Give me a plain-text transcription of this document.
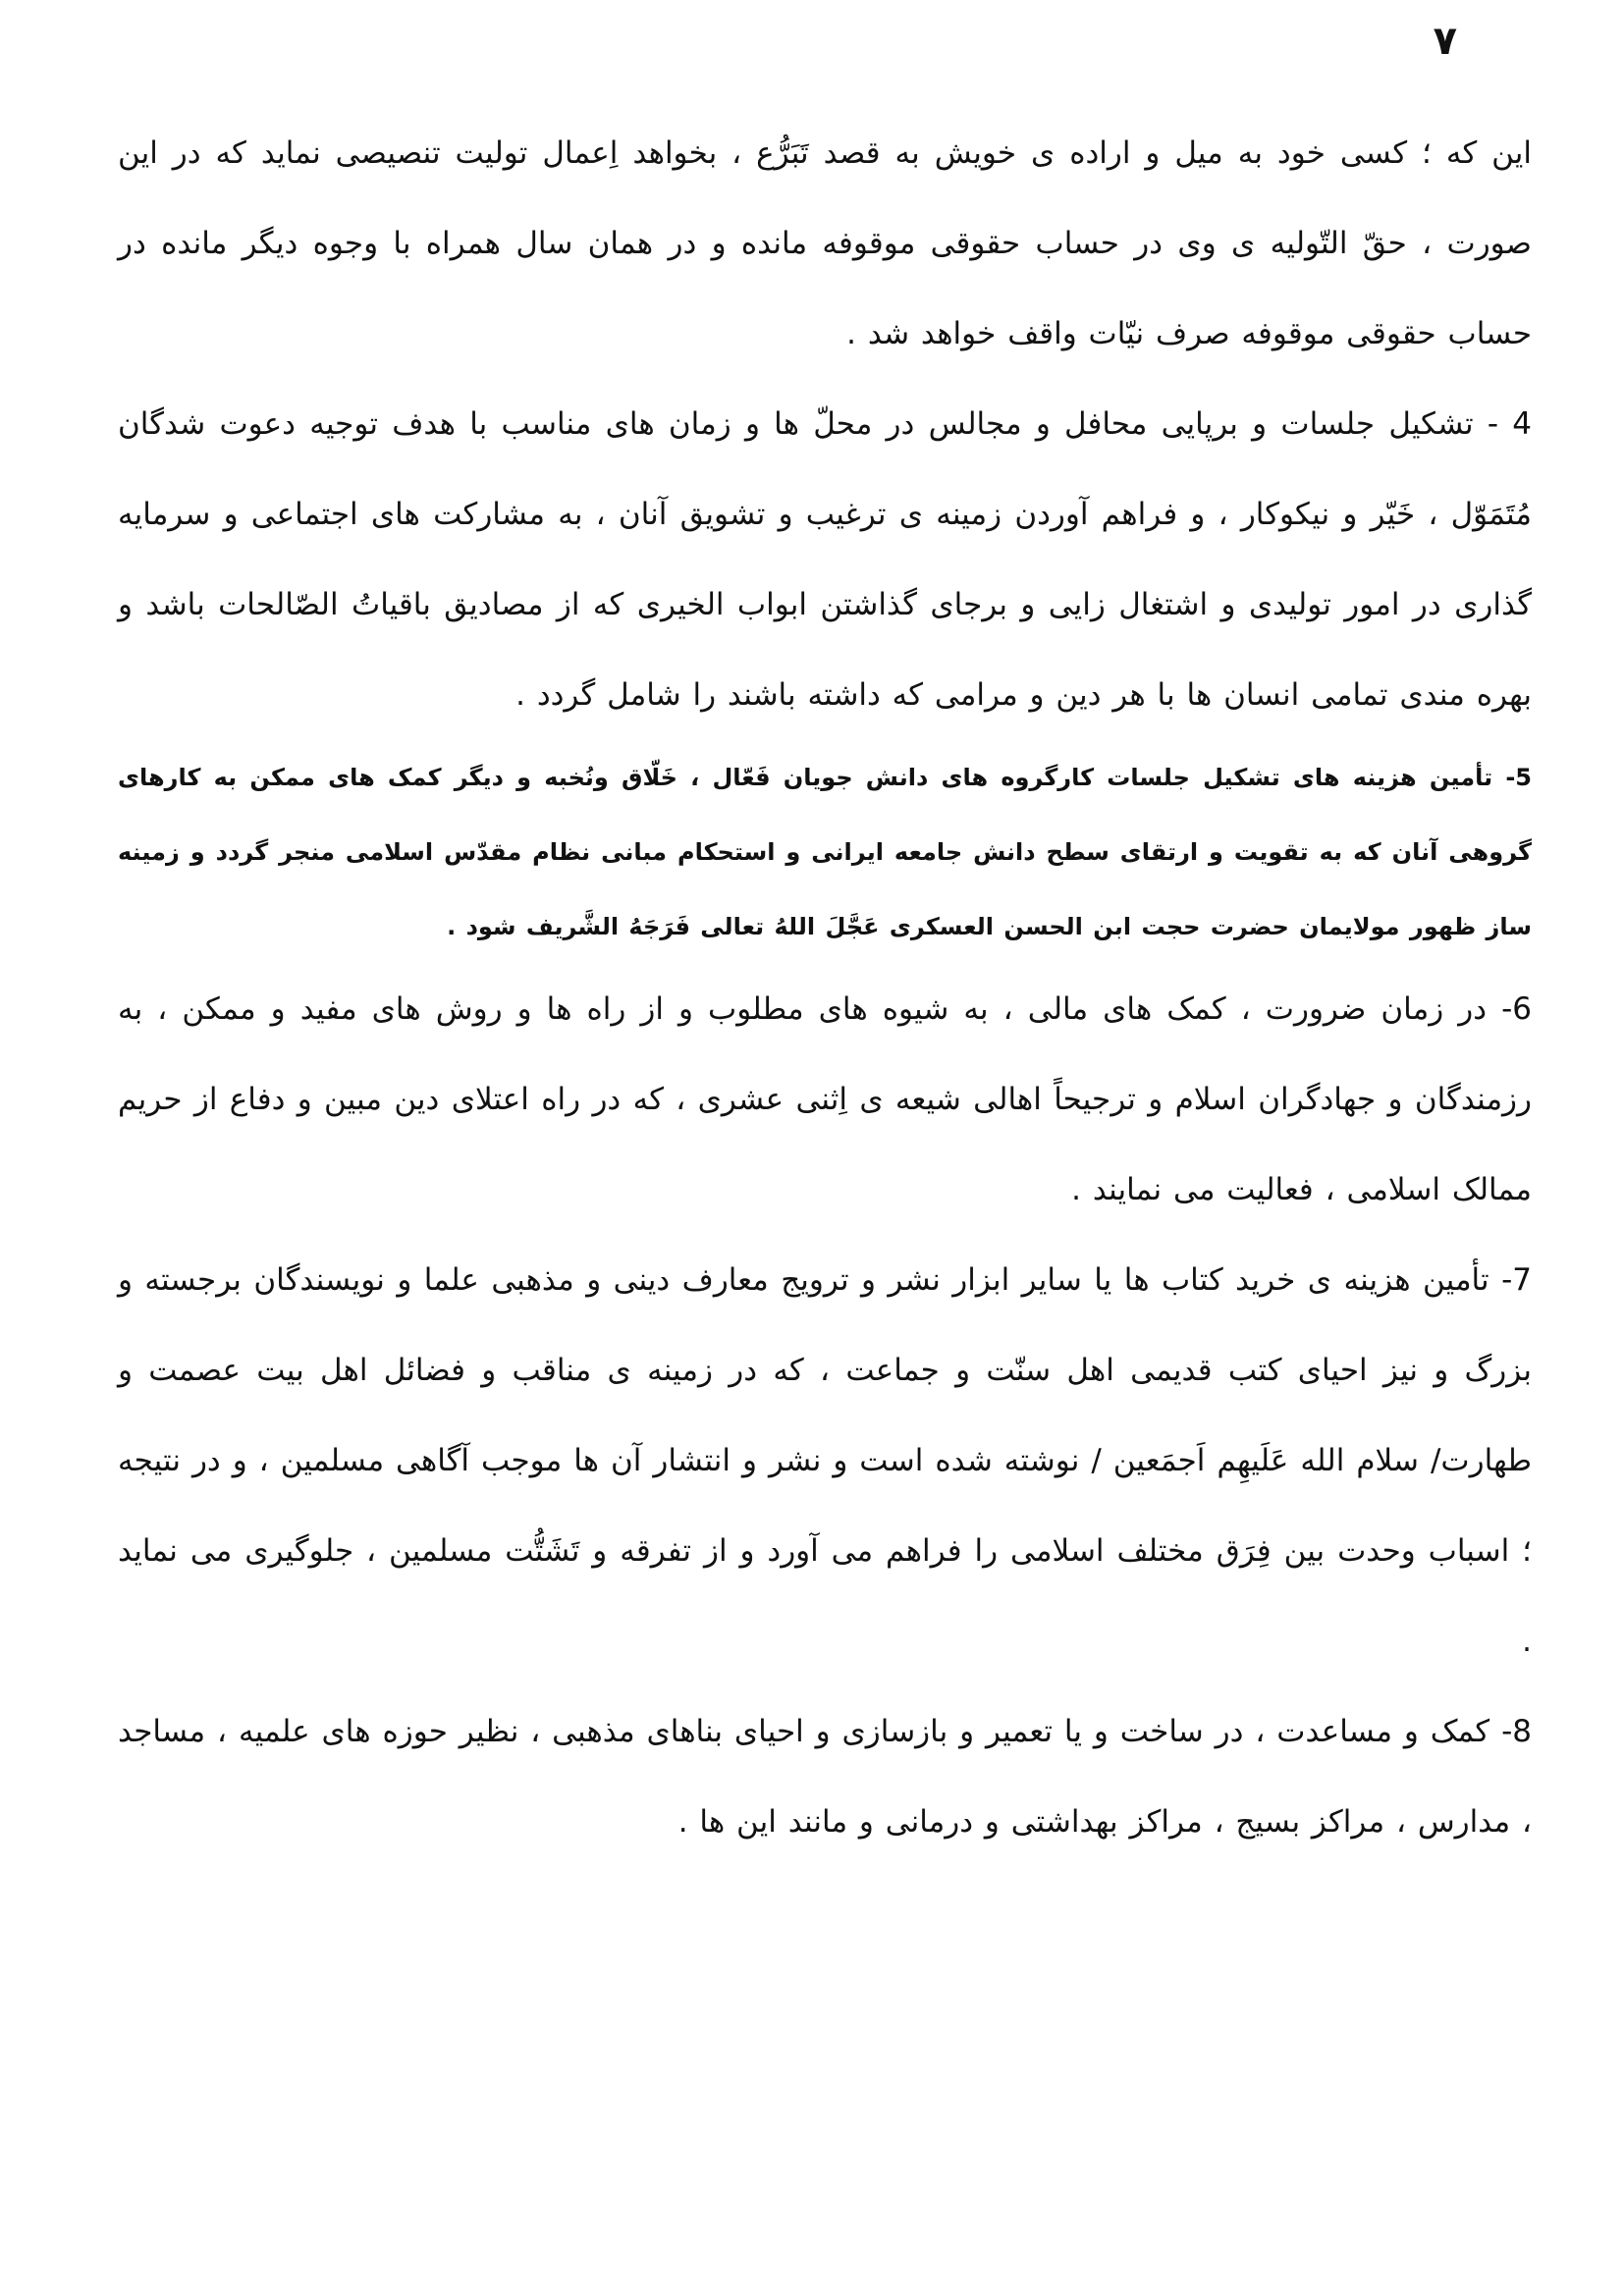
۷

این که ؛ کسی خود به میل و اراده ی خویش به قصد تَبَرُّع ، بخواهد اِعمال تولیت تنصیصی نماید که در این صورت ، حقّ التّولیه ی وی در حساب حقوقی موقوفه مانده و در همان سال همراه با وجوه دیگر مانده در حساب حقوقی موقوفه صرف نیّات واقف خواهد شد .

4 - تشکیل جلسات و برپایی محافل و مجالس در محلّ ها و زمان های مناسب با هدف توجیه دعوت شدگان مُتَمَوّل ، خَیّر و نیکوکار ، و فراهم آوردن زمینه ی ترغیب و تشویق آنان ، به مشارکت های اجتماعی و سرمایه گذاری در امور تولیدی و اشتغال زایی و برجای گذاشتن ابواب الخیری که از مصادیق باقیاتُ الصّالحات باشد و بهره مندی تمامی انسان ها با هر دین و مرامی که داشته باشند را شامل گردد .

5- تأمین هزینه های تشکیل جلسات کارگروه های دانش جویان فَعّال ، خَلّاق ونُخبه و دیگر کمک های ممکن به کارهای گروهی آنان که به تقویت و ارتقای سطح دانش جامعه ایرانی و استحکام مبانی نظام مقدّس اسلامی منجر گردد و زمینه ساز ظهور مولایمان حضرت حجت ابن الحسن العسکری عَجَّلَ اللهُ تعالی فَرَجَهُ الشَّریف شود .

6- در زمان ضرورت ، کمک های مالی ، به شیوه های مطلوب و از راه ها و روش های مفید و ممکن ، به رزمندگان و جهادگران اسلام و ترجیحاً اهالی شیعه ی اِثنی عشری ، که در راه اعتلای دین مبین و دفاع از حریم ممالک اسلامی ، فعالیت می نمایند .

7- تأمین هزینه ی خرید کتاب ها یا سایر ابزار نشر و ترویج معارف دینی و مذهبی علما و نویسندگان برجسته و بزرگ و نیز احیای کتب قدیمی اهل سنّت و جماعت ، که در زمینه ی مناقب و فضائل اهل بیت عصمت و طهارت/ سلام الله عَلَیهِم اَجمَعین / نوشته شده است و نشر و انتشار آن ها موجب آگاهی مسلمین ، و در نتیجه ؛ اسباب وحدت بین فِرَق مختلف اسلامی را فراهم می آورد و از تفرقه و تَشَتُّت مسلمین ، جلوگیری می نماید .

8- کمک و مساعدت ، در ساخت و یا تعمیر و بازسازی و احیای بناهای مذهبی ، نظیر حوزه های علمیه ، مساجد ، مدارس ، مراکز بسیج ، مراکز بهداشتی و درمانی و مانند این ها .
